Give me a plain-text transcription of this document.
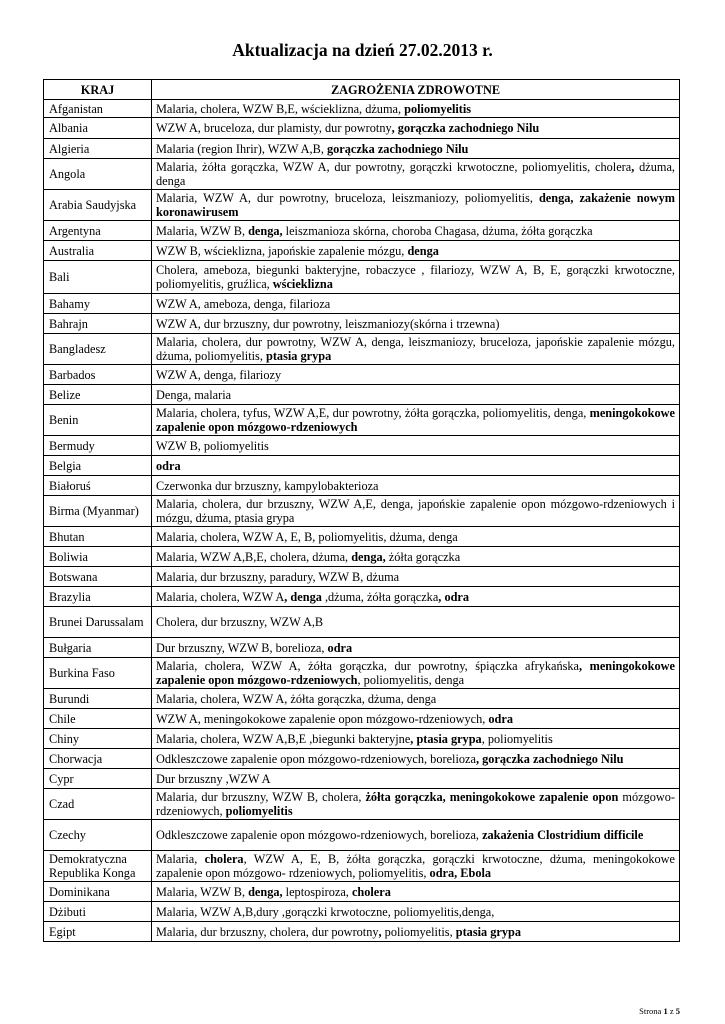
Aktualizacja na dzień 27.02.2013 r.
KRAJ	ZAGROŻENIA ZDROWOTNE
Afganistan	Malaria, cholera, WZW B,E, wścieklizna, dżuma, poliomyelitis
Albania	WZW A, bruceloza, dur plamisty, dur powrotny, gorączka zachodniego Nilu
Algieria	Malaria (region Ihrir), WZW A,B, gorączka zachodniego Nilu
Angola	Malaria, żółta gorączka, WZW A, dur powrotny, gorączki krwotoczne, poliomyelitis, cholera, dżuma, denga
Arabia Saudyjska	Malaria, WZW A, dur powrotny, bruceloza, leiszmaniozy, poliomyelitis, denga, zakażenie nowym koronawirusem
Argentyna	Malaria, WZW B, denga, leiszmanioza skórna, choroba Chagasa, dżuma, żółta gorączka
Australia	WZW B, wścieklizna, japońskie zapalenie mózgu, denga
Bali	Cholera, ameboza, biegunki bakteryjne, robaczyce , filariozy, WZW A, B, E, gorączki krwotoczne, poliomyelitis, gruźlica, wścieklizna
Bahamy	WZW A, ameboza, denga, filarioza
Bahrajn	WZW A, dur brzuszny, dur powrotny, leiszmaniozy(skórna i trzewna)
Bangladesz	Malaria, cholera, dur powrotny, WZW A, denga, leiszmaniozy, bruceloza, japońskie zapalenie mózgu, dżuma, poliomyelitis, ptasia grypa
Barbados	WZW A, denga, filariozy
Belize	Denga, malaria
Benin	Malaria, cholera, tyfus, WZW A,E, dur powrotny, żółta gorączka, poliomyelitis, denga, meningokokowe zapalenie opon mózgowo-rdzeniowych
Bermudy	WZW B, poliomyelitis
Belgia	odra
Białoruś	Czerwonka dur brzuszny, kampylobakterioza
Birma (Myanmar)	Malaria, cholera, dur brzuszny, WZW A,E, denga, japońskie zapalenie opon mózgowo-rdzeniowych i mózgu, dżuma, ptasia grypa
Bhutan	Malaria, cholera, WZW A, E, B, poliomyelitis, dżuma, denga
Boliwia	Malaria, WZW A,B,E, cholera, dżuma, denga, żółta gorączka
Botswana	Malaria, dur brzuszny, paradury, WZW B, dżuma
Brazylia	Malaria, cholera, WZW A, denga ,dżuma, żółta gorączka, odra
Brunei Darussalam	Cholera, dur brzuszny, WZW A,B
Bułgaria	Dur brzuszny, WZW B, borelioza, odra
Burkina Faso	Malaria, cholera, WZW A, żółta gorączka, dur powrotny, śpiączka afrykańska, meningokokowe zapalenie opon mózgowo-rdzeniowych, poliomyelitis, denga
Burundi	Malaria, cholera, WZW A, żółta gorączka, dżuma, denga
Chile	WZW A, meningokokowe zapalenie opon mózgowo-rdzeniowych, odra
Chiny	Malaria, cholera, WZW A,B,E ,biegunki bakteryjne, ptasia grypa, poliomyelitis
Chorwacja	Odkleszczowe zapalenie opon mózgowo-rdzeniowych, borelioza, gorączka zachodniego Nilu
Cypr	Dur brzuszny ,WZW A
Czad	Malaria, dur brzuszny, WZW B, cholera, żółta gorączka, meningokokowe zapalenie opon mózgowo- rdzeniowych, poliomyelitis
Czechy	Odkleszczowe zapalenie opon mózgowo-rdzeniowych, borelioza, zakażenia Clostridium difficile
Demokratyczna Republika Konga	Malaria, cholera, WZW A, E, B, żółta gorączka, gorączki krwotoczne, dżuma, meningokokowe zapalenie opon mózgowo- rdzeniowych, poliomyelitis, odra, Ebola
Dominikana	Malaria, WZW B, denga, leptospiroza, cholera
Dżibuti	Malaria, WZW A,B,dury ,gorączki krwotoczne, poliomyelitis,denga,
Egipt	Malaria, dur brzuszny, cholera, dur powrotny, poliomyelitis, ptasia grypa
Strona 1 z 5
